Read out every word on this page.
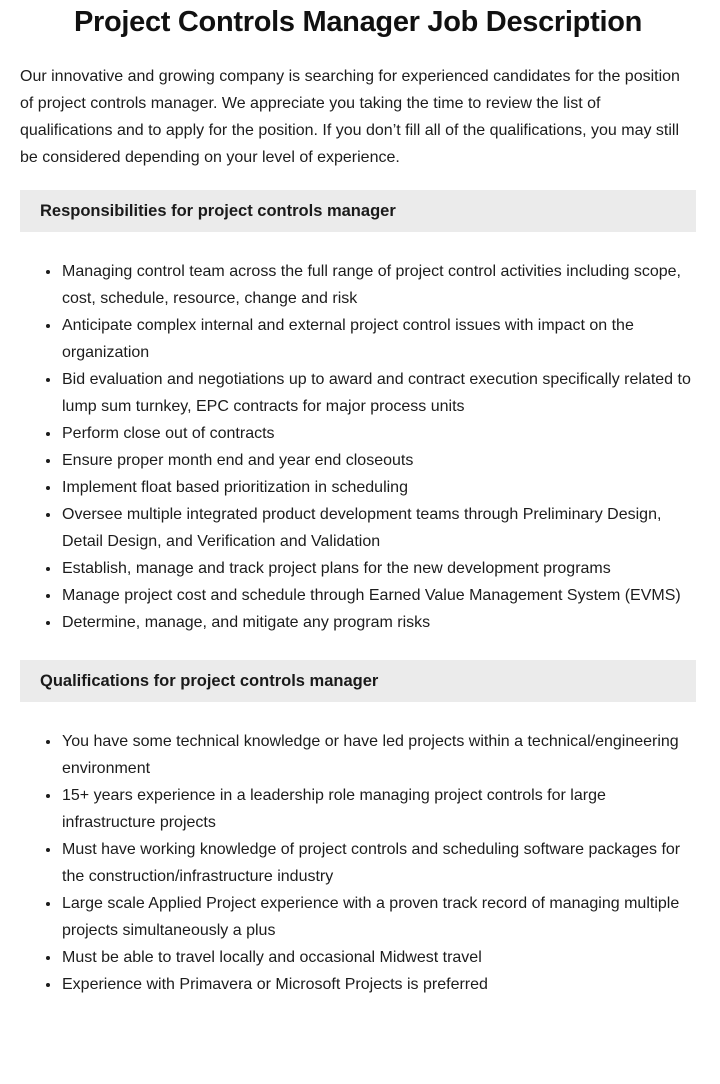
Project Controls Manager Job Description

Our innovative and growing company is searching for experienced candidates for the position of project controls manager. We appreciate you taking the time to review the list of qualifications and to apply for the position. If you don’t fill all of the qualifications, you may still be considered depending on your level of experience.

Responsibilities for project controls manager
• Managing control team across the full range of project control activities including scope, cost, schedule, resource, change and risk
• Anticipate complex internal and external project control issues with impact on the organization
• Bid evaluation and negotiations up to award and contract execution specifically related to lump sum turnkey, EPC contracts for major process units
• Perform close out of contracts
• Ensure proper month end and year end closeouts
• Implement float based prioritization in scheduling
• Oversee multiple integrated product development teams through Preliminary Design, Detail Design, and Verification and Validation
• Establish, manage and track project plans for the new development programs
• Manage project cost and schedule through Earned Value Management System (EVMS)
• Determine, manage, and mitigate any program risks
Qualifications for project controls manager
• You have some technical knowledge or have led projects within a technical/engineering environment
• 15+ years experience in a leadership role managing project controls for large infrastructure projects
• Must have working knowledge of project controls and scheduling software packages for the construction/infrastructure industry
• Large scale Applied Project experience with a proven track record of managing multiple projects simultaneously a plus
• Must be able to travel locally and occasional Midwest travel
• Experience with Primavera or Microsoft Projects is preferred
